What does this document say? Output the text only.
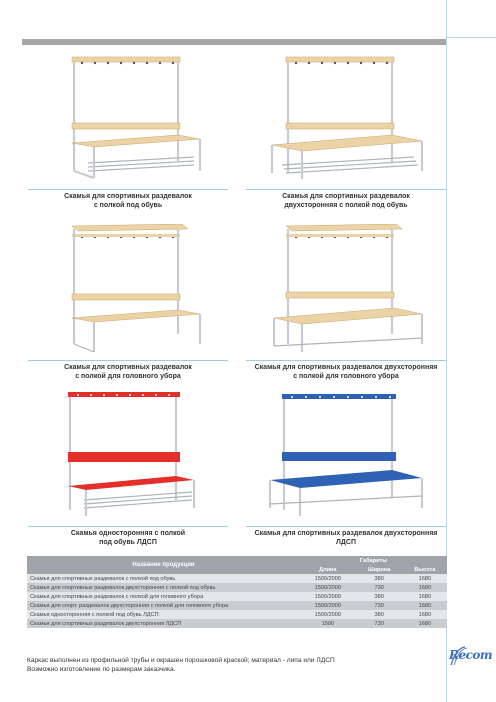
Скамья для спортивных раздевалок
с полкой под обувь
Скамья для спортивных раздевалок
двухсторонняя с полкой под обувь
Скамья для спортивных раздевалок
с полкой для головного убора
Скамья для спортивных раздевалок двухсторонняя
с полкой для головного убора
Скамья односторонняя с полкой
под обувь ЛДСП
Скамья для спортивных раздевалок двухсторонняя
ЛДСП
Название продукции	Габариты		
	Длина	Ширина	Высота
Скамья для спортивных раздевалок с полкой под обувь	1500/2000	380	1680
Скамья для спортивных раздевалок двухсторонняя с полкой под обувь	1500/2000	730	1680
Скамья для спортивных раздевалок с полкой для головного убора	1500/2000	380	1680
Скамья для спорт. раздевалок двухсторонняя с полкой для головного убора	1500/2000	730	1680
Скамья односторонняя с полкой под обувь ЛДСП	1500/2000	380	1680
Скамья для спортивных раздевалок двухсторонняя ЛДСП	1500	730	1680
Каркас выполнен из профильной трубы и окрашен порошковой краской; материал - липа или ЛДСП
Возможно изготовление по размерам заказчика.
Recom
